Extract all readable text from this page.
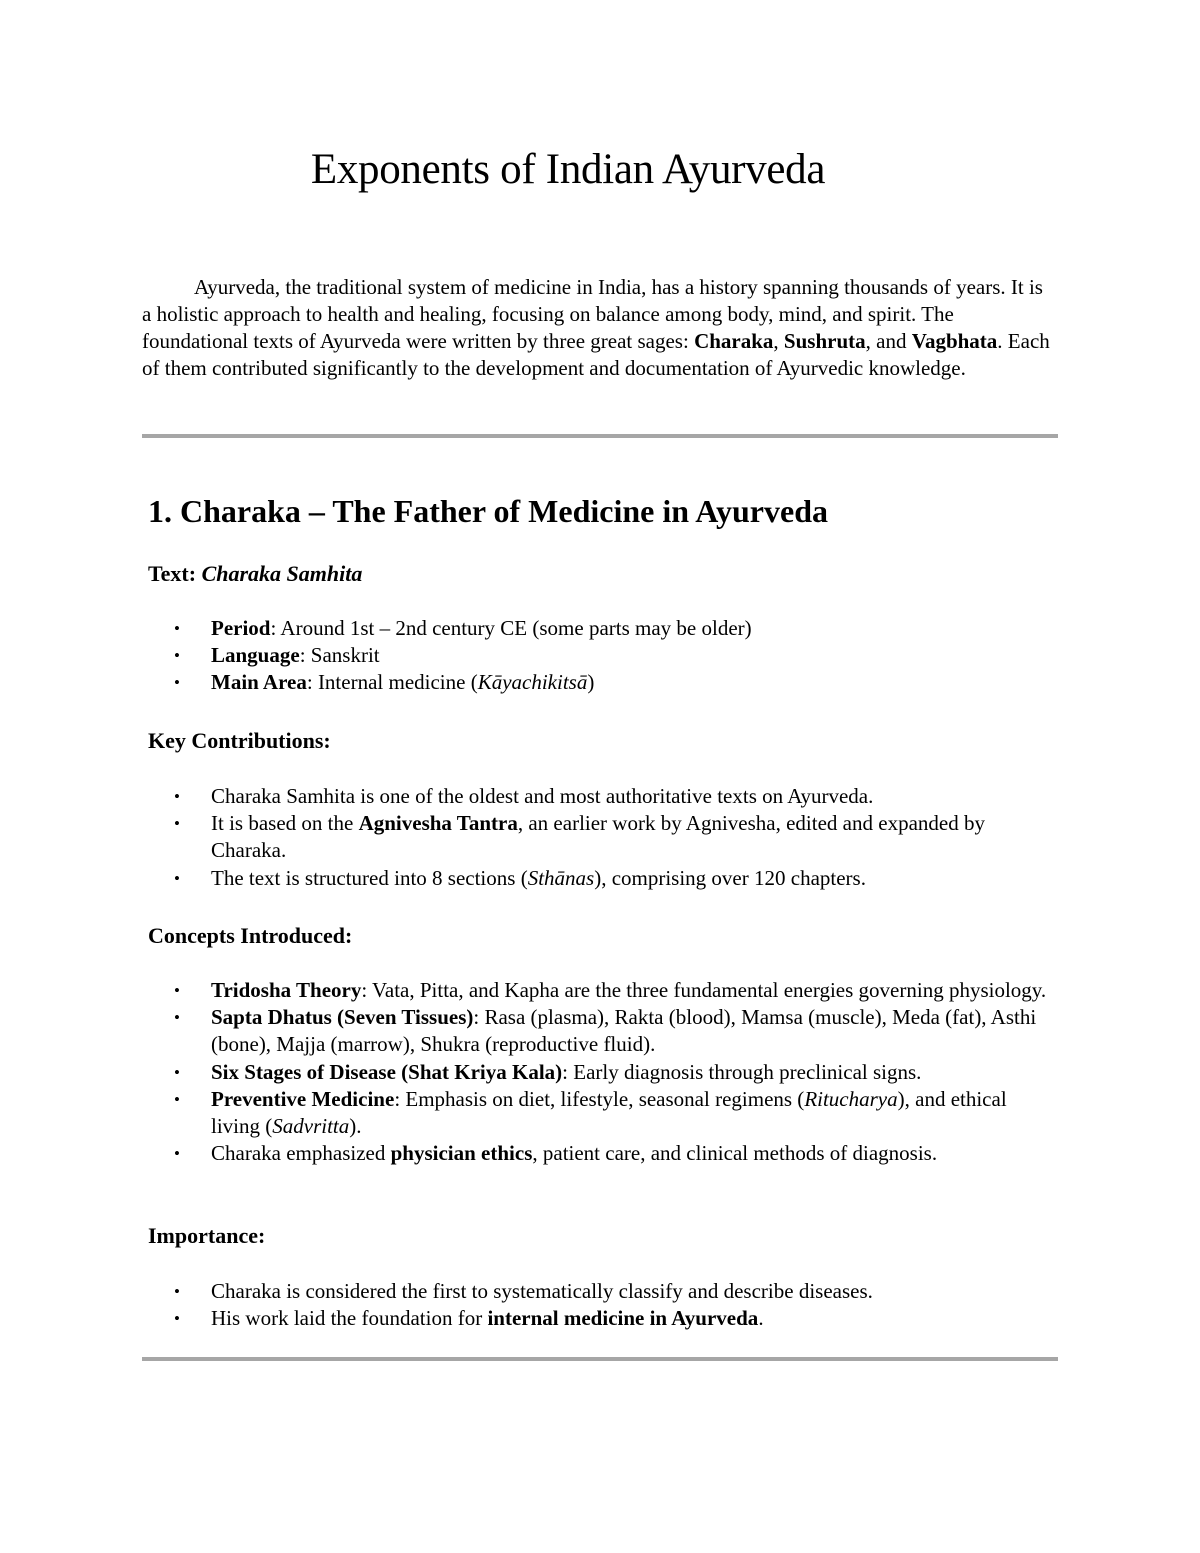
Exponents of Indian Ayurveda

Ayurveda, the traditional system of medicine in India, has a history spanning thousands of years. It is a holistic approach to health and healing, focusing on balance among body, mind, and spirit. The foundational texts of Ayurveda were written by three great sages: Charaka, Sushruta, and Vagbhata. Each of them contributed significantly to the development and documentation of Ayurvedic knowledge.

1. Charaka – The Father of Medicine in Ayurveda
Text: Charaka Samhita
• Period: Around 1st – 2nd century CE (some parts may be older)
• Language: Sanskrit
• Main Area: Internal medicine (Kāyachikitsā)
Key Contributions:
• Charaka Samhita is one of the oldest and most authoritative texts on Ayurveda.
• It is based on the Agnivesha Tantra, an earlier work by Agnivesha, edited and expanded by Charaka.
• The text is structured into 8 sections (Sthānas), comprising over 120 chapters.
Concepts Introduced:
• Tridosha Theory: Vata, Pitta, and Kapha are the three fundamental energies governing physiology.
• Sapta Dhatus (Seven Tissues): Rasa (plasma), Rakta (blood), Mamsa (muscle), Meda (fat), Asthi (bone), Majja (marrow), Shukra (reproductive fluid).
• Six Stages of Disease (Shat Kriya Kala): Early diagnosis through preclinical signs.
• Preventive Medicine: Emphasis on diet, lifestyle, seasonal regimens (Ritucharya), and ethical living (Sadvritta).
• Charaka emphasized physician ethics, patient care, and clinical methods of diagnosis.
Importance:
• Charaka is considered the first to systematically classify and describe diseases.
• His work laid the foundation for internal medicine in Ayurveda.
